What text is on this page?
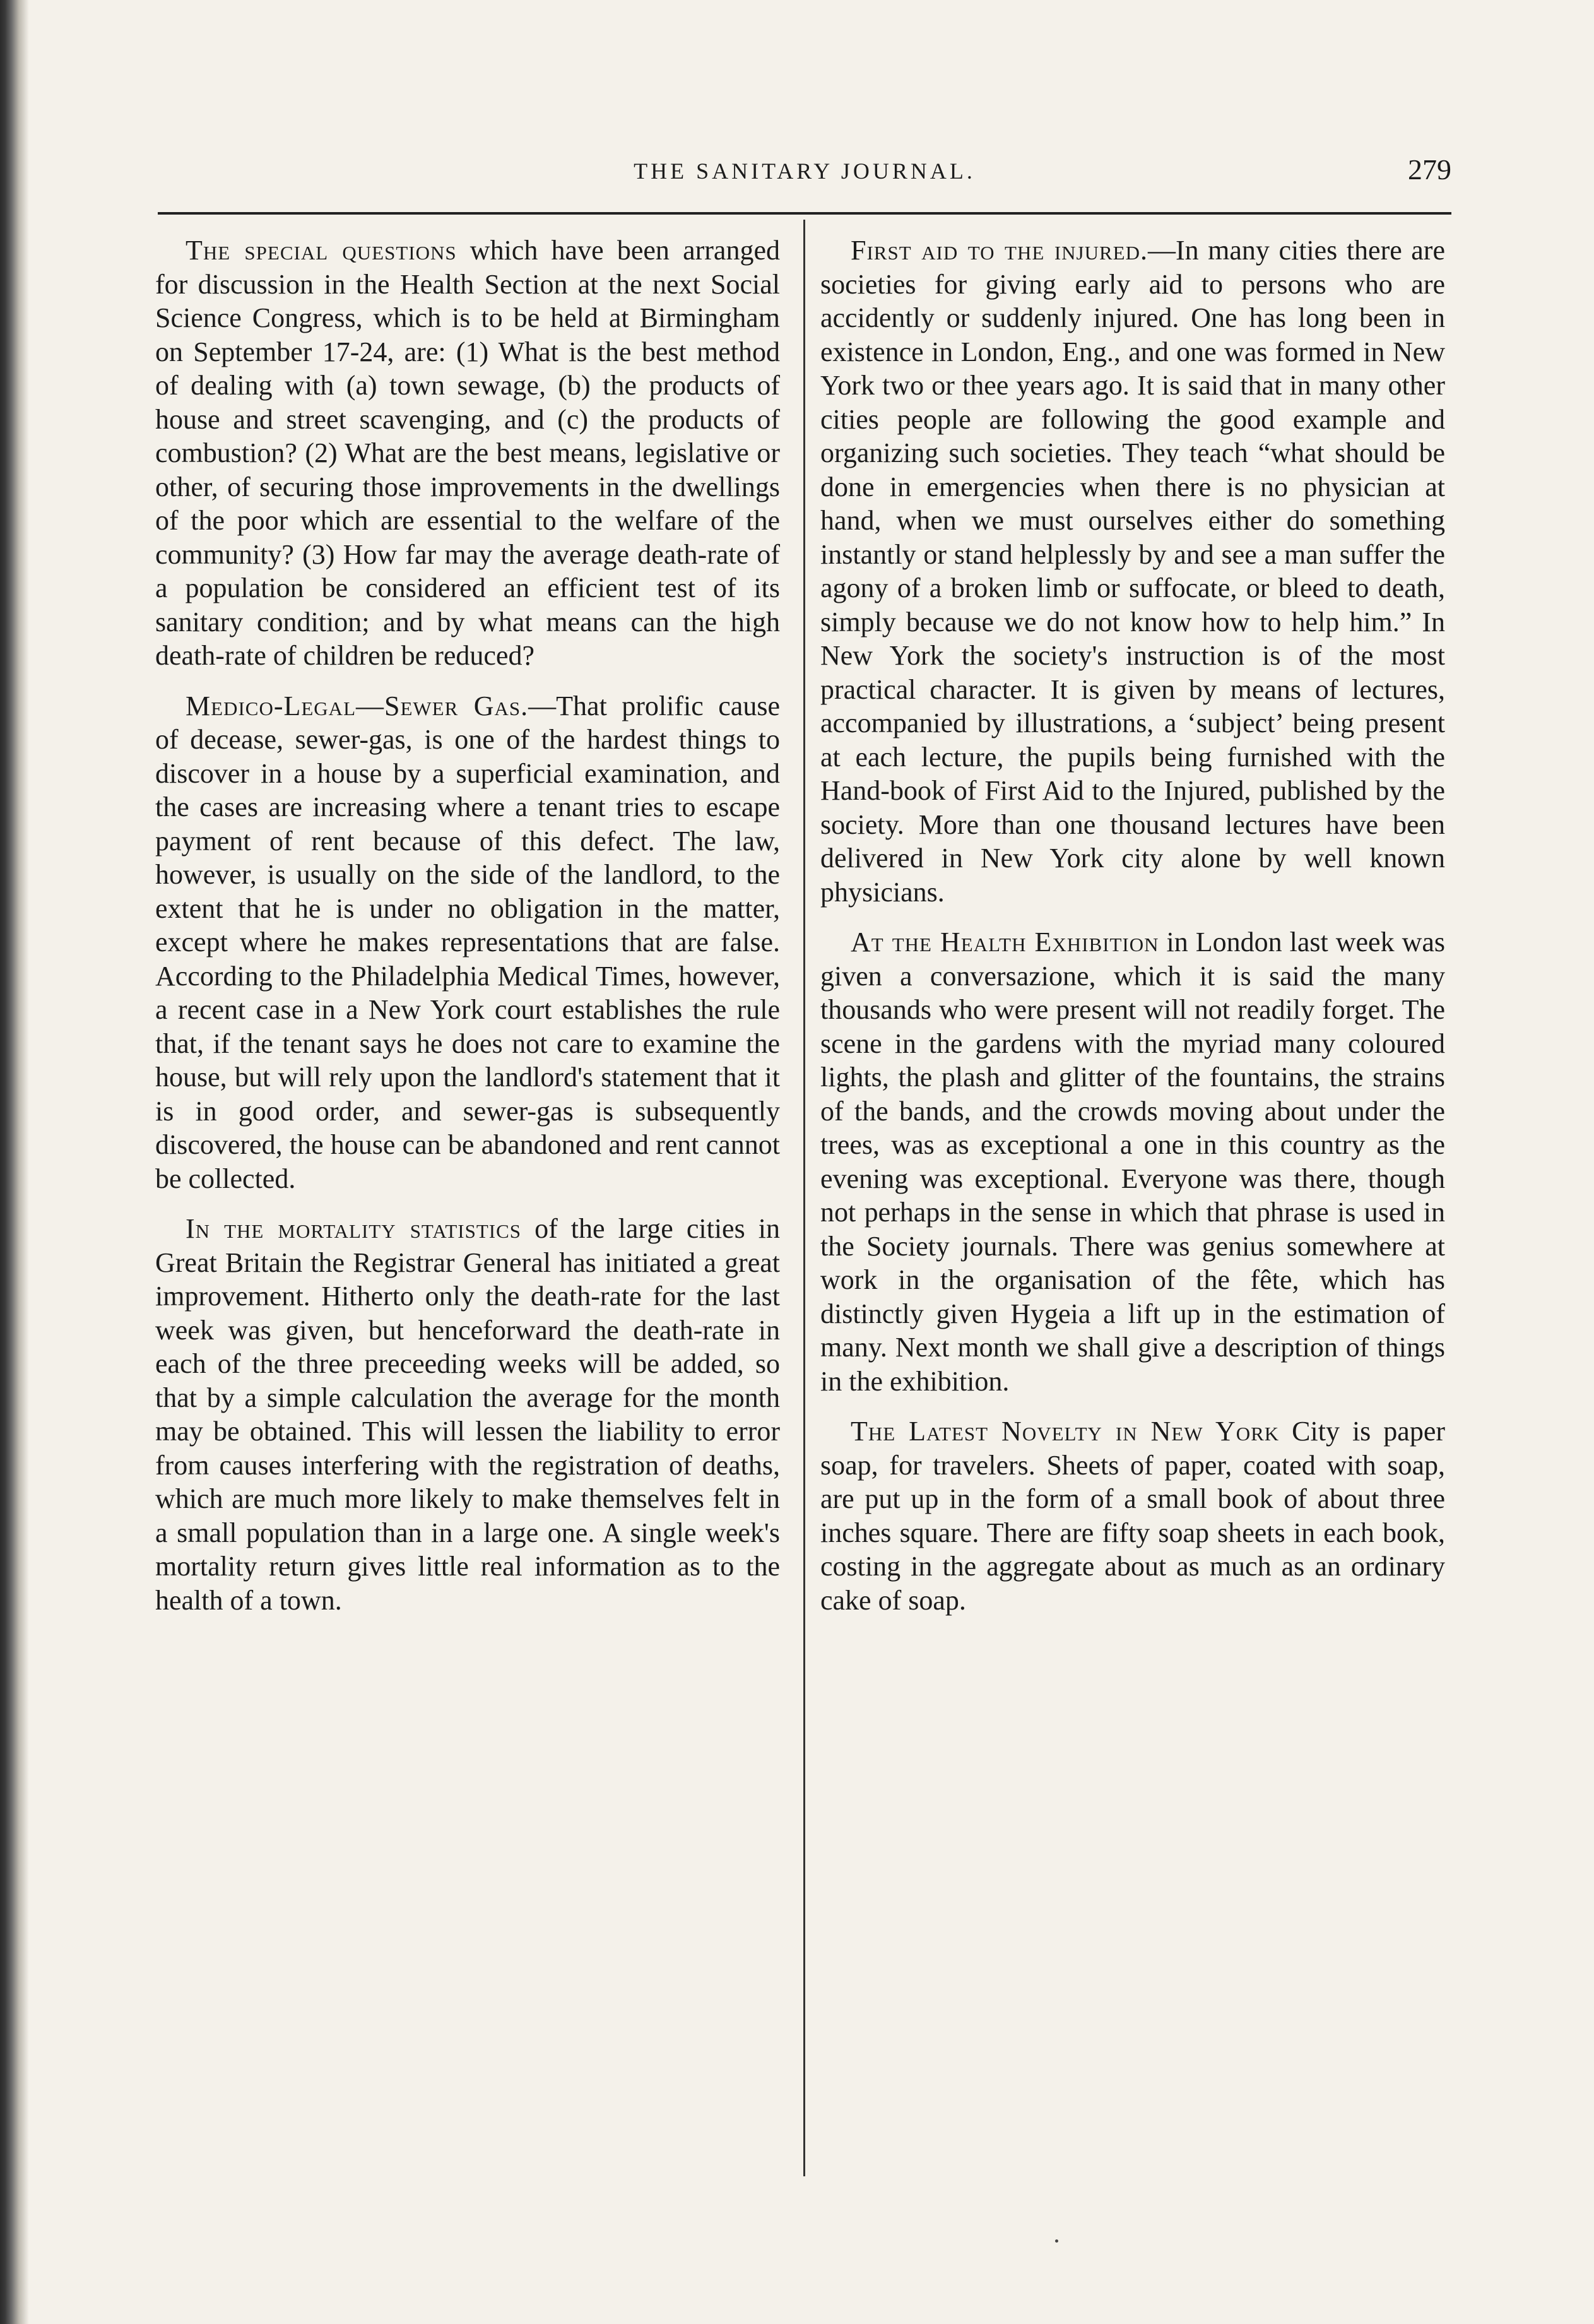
THE SANITARY JOURNAL.	279

The special questions which have been arranged for discussion in the Health Section at the next Social Science Congress, which is to be held at Birmingham on September 17-24, are: (1) What is the best method of dealing with (a) town sewage, (b) the products of house and street scavenging, and (c) the products of combustion? (2) What are the best means, legislative or other, of securing those improvements in the dwellings of the poor which are essential to the welfare of the community? (3) How far may the average death-rate of a population be considered an efficient test of its sanitary condition; and by what means can the high death-rate of children be reduced?

Medico-Legal—Sewer Gas.—That prolific cause of decease, sewer-gas, is one of the hardest things to discover in a house by a superficial examination, and the cases are increasing where a tenant tries to escape payment of rent because of this defect. The law, however, is usually on the side of the landlord, to the extent that he is under no obligation in the matter, except where he makes representations that are false. According to the Philadelphia Medical Times, however, a recent case in a New York court establishes the rule that, if the tenant says he does not care to examine the house, but will rely upon the landlord's statement that it is in good order, and sewer-gas is subsequently discovered, the house can be abandoned and rent cannot be collected.

In the mortality statistics of the large cities in Great Britain the Registrar General has initiated a great improvement. Hitherto only the death-rate for the last week was given, but henceforward the death-rate in each of the three preceeding weeks will be added, so that by a simple calculation the average for the month may be obtained. This will lessen the liability to error from causes interfering with the registration of deaths, which are much more likely to make themselves felt in a small population than in a large one. A single week's mortality return gives little real information as to the health of a town.

First aid to the injured.—In many cities there are societies for giving early aid to persons who are accidently or suddenly injured. One has long been in existence in London, Eng., and one was formed in New York two or thee years ago. It is said that in many other cities people are following the good example and organizing such societies. They teach “what should be done in emergencies when there is no physician at hand, when we must ourselves either do something instantly or stand helplessly by and see a man suffer the agony of a broken limb or suffocate, or bleed to death, simply because we do not know how to help him.” In New York the society's instruction is of the most practical character. It is given by means of lectures, accompanied by illustrations, a ‘subject’ being present at each lecture, the pupils being furnished with the Hand-book of First Aid to the Injured, published by the society. More than one thousand lectures have been delivered in New York city alone by well known physicians.

At the Health Exhibition in London last week was given a conversazione, which it is said the many thousands who were present will not readily forget. The scene in the gardens with the myriad many coloured lights, the plash and glitter of the fountains, the strains of the bands, and the crowds moving about under the trees, was as exceptional a one in this country as the evening was exceptional. Everyone was there, though not perhaps in the sense in which that phrase is used in the Society journals. There was genius somewhere at work in the organisation of the fête, which has distinctly given Hygeia a lift up in the estimation of many. Next month we shall give a description of things in the exhibition.

The Latest Novelty in New York City is paper soap, for travelers. Sheets of paper, coated with soap, are put up in the form of a small book of about three inches square. There are fifty soap sheets in each book, costing in the aggregate about as much as an ordinary cake of soap.
